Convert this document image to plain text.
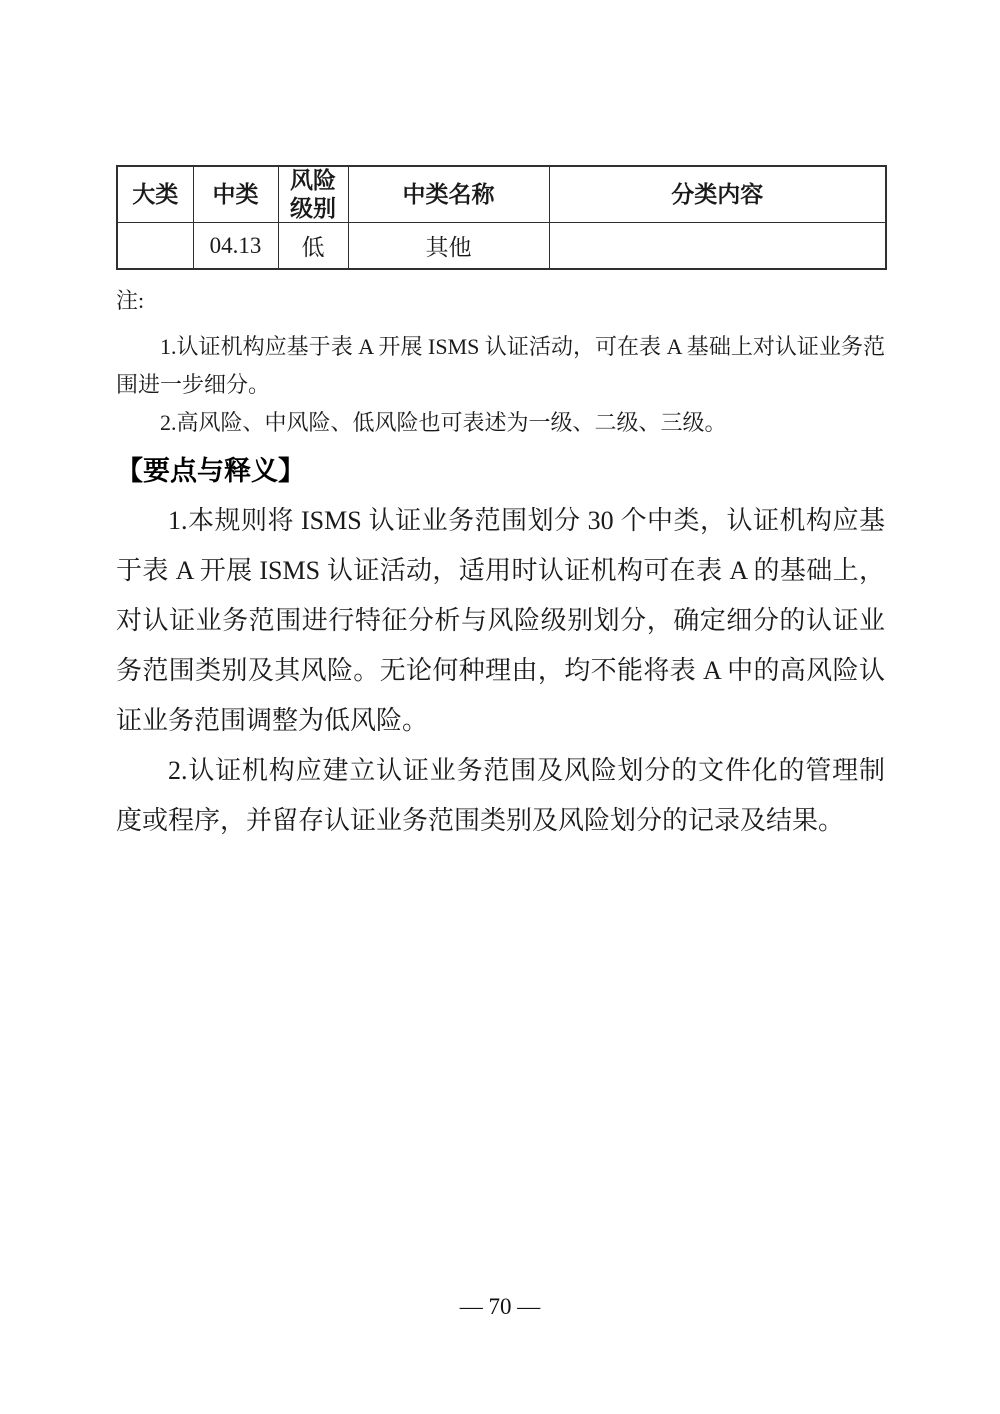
大类	中类	风险级别	中类名称	分类内容
	04.13	低	其他	
注:

1.认证机构应基于表 A 开展 ISMS 认证活动，可在表 A 基础上对认证业务范围进一步细分。

2.高风险、中风险、低风险也可表述为一级、二级、三级。

【要点与释义】

1.本规则将 ISMS 认证业务范围划分 30 个中类，认证机构应基于表 A 开展 ISMS 认证活动，适用时认证机构可在表 A 的基础上，对认证业务范围进行特征分析与风险级别划分，确定细分的认证业务范围类别及其风险。无论何种理由，均不能将表 A 中的高风险认证业务范围调整为低风险。

2.认证机构应建立认证业务范围及风险划分的文件化的管理制度或程序，并留存认证业务范围类别及风险划分的记录及结果。

— 70 —
